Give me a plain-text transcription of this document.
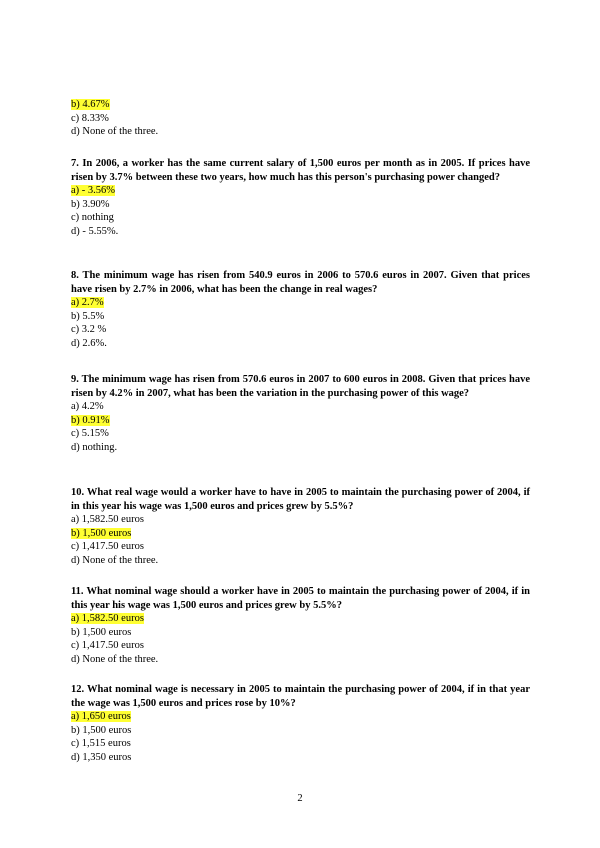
b) 4.67%
c) 8.33%
d) None of the three.
7. In 2006, a worker has the same current salary of 1,500 euros per month as in 2005. If prices have risen by 3.7% between these two years, how much has this person's purchasing power changed?
a) - 3.56%
b) 3.90%
c) nothing
d) - 5.55%.
8. The minimum wage has risen from 540.9 euros in 2006 to 570.6 euros in 2007. Given that prices have risen by 2.7% in 2006, what has been the change in real wages?
a) 2.7%
b) 5.5%
c) 3.2 %
d) 2.6%.
9. The minimum wage has risen from 570.6 euros in 2007 to 600 euros in 2008. Given that prices have risen by 4.2% in 2007, what has been the variation in the purchasing power of this wage?
a) 4.2%
b) 0.91%
c) 5.15%
d) nothing.
10. What real wage would a worker have to have in 2005 to maintain the purchasing power of 2004, if in this year his wage was 1,500 euros and prices grew by 5.5%?
a) 1,582.50 euros
b) 1,500 euros
c) 1,417.50 euros
d) None of the three.
11. What nominal wage should a worker have in 2005 to maintain the purchasing power of 2004, if in this year his wage was 1,500 euros and prices grew by 5.5%?
a) 1,582.50 euros
b) 1,500 euros
c) 1,417.50 euros
d) None of the three.
12. What nominal wage is necessary in 2005 to maintain the purchasing power of 2004, if in that year the wage was 1,500 euros and prices rose by 10%?
a) 1,650 euros
b) 1,500 euros
c) 1,515 euros
d) 1,350 euros
2
